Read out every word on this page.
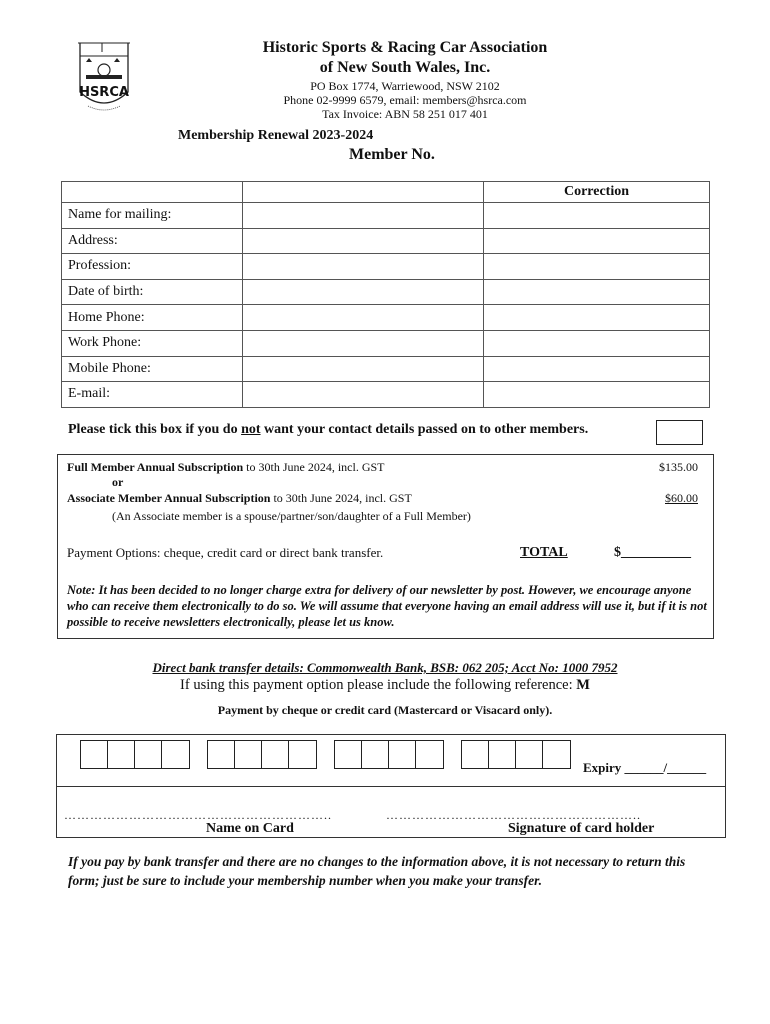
HSRCA
Historic Sports & Racing Car Association
of New South Wales, Inc.
PO Box 1774, Warriewood, NSW 2102
Phone 02-9999 6579, email: members@hsrca.com
Tax Invoice: ABN 58 251 017 401
Membership Renewal 2023-2024
Member No.
		Correction
Name for mailing:		
Address:		
Profession:		
Date of birth:		
Home Phone:		
Work Phone:		
Mobile Phone:		
E-mail:		
Please tick this box if you do not want your contact details passed on to other members.
Full Member Annual Subscription to 30th June 2024, incl. GST	$135.00
or
Associate Member Annual Subscription to 30th June 2024, incl. GST	$60.00
(An Associate member is a spouse/partner/son/daughter of a Full Member)
Payment Options: cheque, credit card or direct bank transfer.	TOTAL	$__________
Note: It has been decided to no longer charge extra for delivery of our newsletter by post. However, we encourage anyone who can receive them electronically to do so. We will assume that everyone having an email address will use it, but if it is not possible to receive newsletters electronically, please let us know.
Direct bank transfer details: Commonwealth Bank, BSB: 062 205; Acct No: 1000 7952
If using this payment option please include the following reference: M
Payment by cheque or credit card (Mastercard or Visacard only).
Expiry ______/______
……………………………………………………..	…………………………………………………..
Name on Card	Signature of card holder
If you pay by bank transfer and there are no changes to the information above, it is not necessary to return this form; just be sure to include your membership number when you make your transfer.
